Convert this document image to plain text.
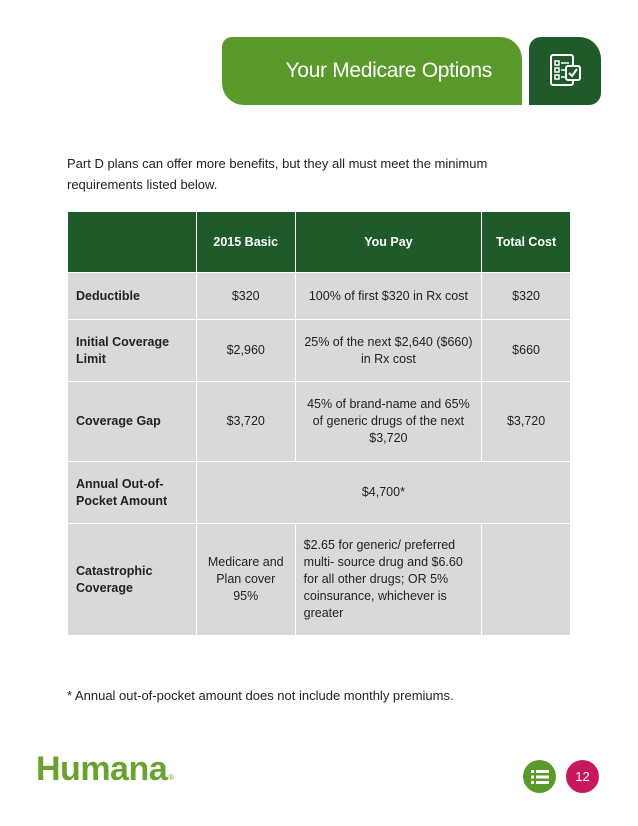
Your Medicare Options
Part D plans can offer more benefits, but they all must meet the minimum requirements listed below.
	2015 Basic	You Pay	Total Cost
Deductible	$320	100% of first $320 in Rx cost	$320
Initial Coverage Limit	$2,960	25% of the next $2,640 ($660) in Rx cost	$660
Coverage Gap	$3,720	45% of brand-name and 65% of generic drugs of the next $3,720	$3,720
Annual Out-of-Pocket Amount	$4,700*		
Catastrophic Coverage	Medicare and Plan cover 95%	$2.65 for generic/ preferred multi- source drug and $6.60 for all other drugs; OR 5% coinsurance, whichever is greater	
* Annual out-of-pocket amount does not include monthly premiums.
Humana®	12
